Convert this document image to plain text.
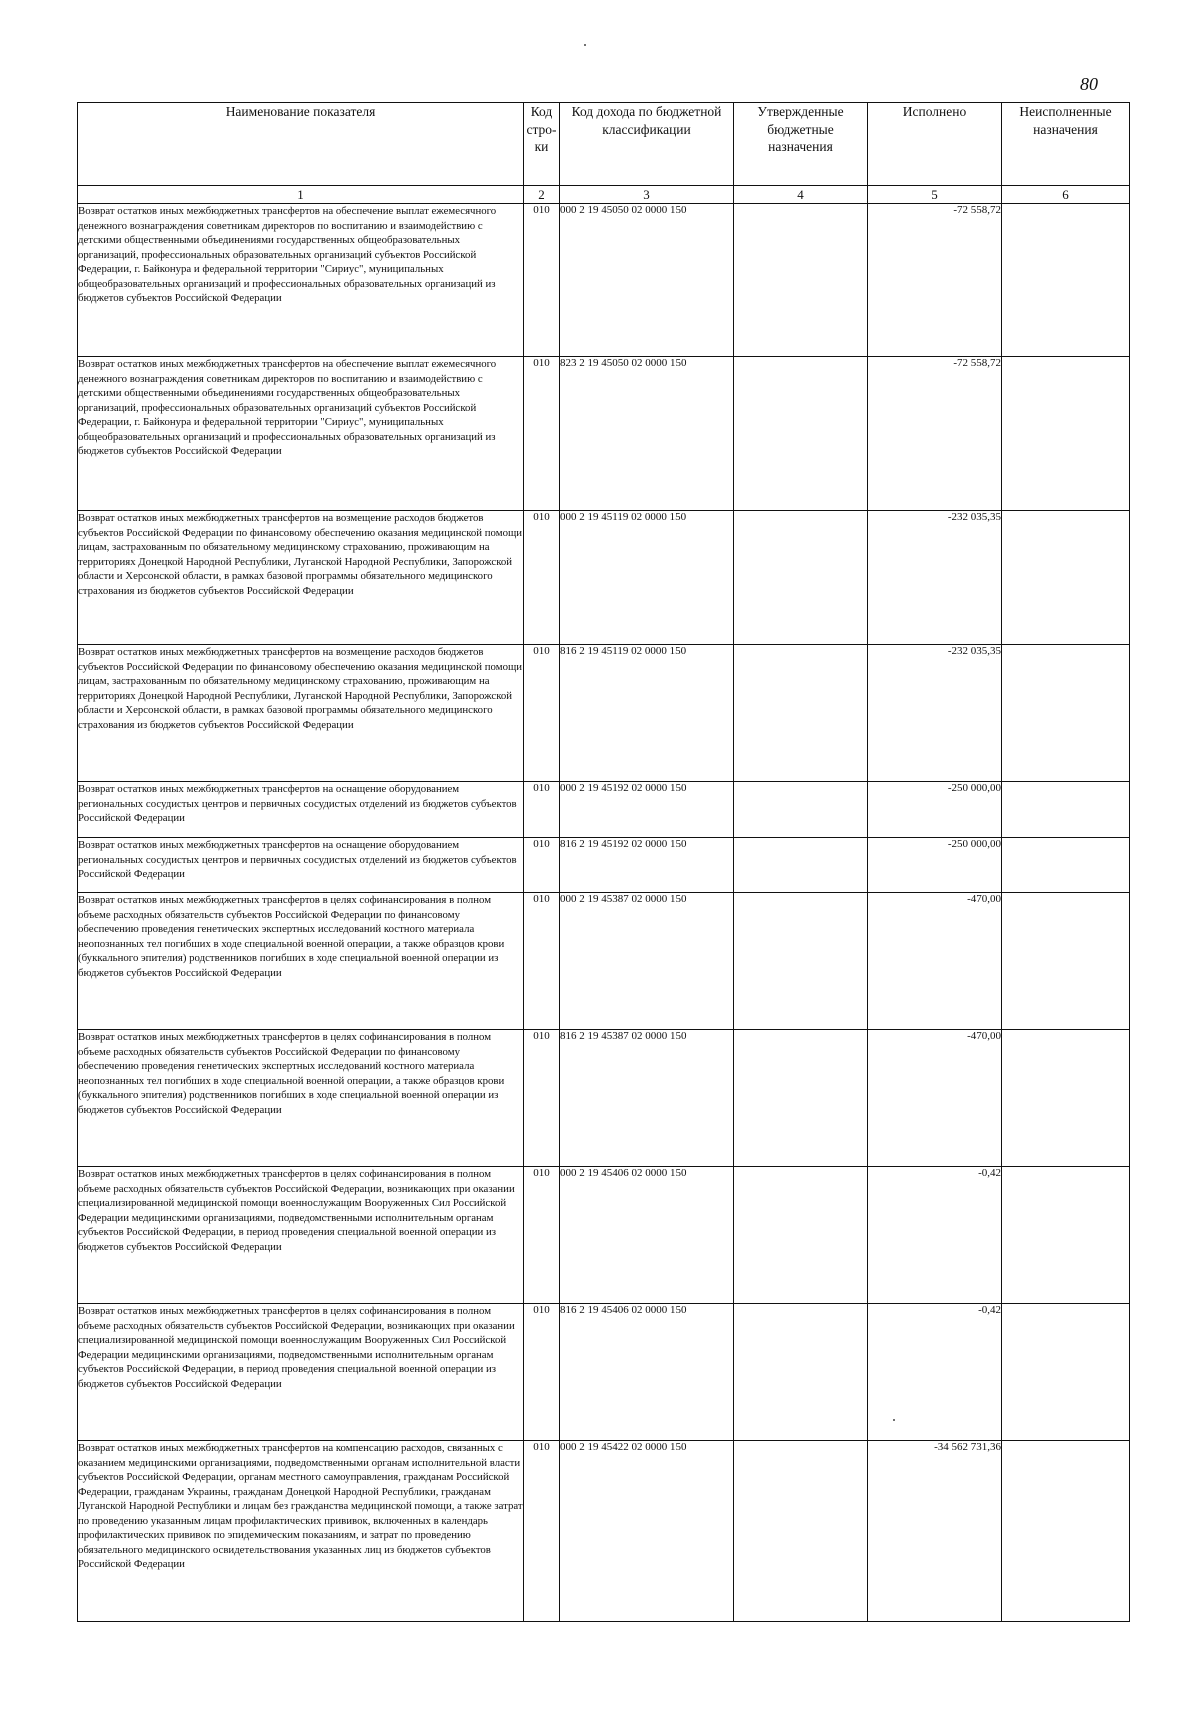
80
Наименование показателя	Код стро-ки	Код дохода по бюджетной классификации	Утвержденные бюджетные назначения	Исполнено	Неисполненные назначения
1	2	3	4	5	6
Возврат остатков иных межбюджетных трансфертов на обеспечение выплат ежемесячного денежного вознаграждения советникам директоров по воспитанию и взаимодействию с детскими общественными объединениями государственных общеобразовательных организаций, профессиональных образовательных организаций субъектов Российской Федерации, г. Байконура и федеральной территории "Сириус", муниципальных общеобразовательных организаций и профессиональных образовательных организаций из бюджетов субъектов Российской Федерации	010	000 2 19 45050 02 0000 150		-72 558,72	
Возврат остатков иных межбюджетных трансфертов на обеспечение выплат ежемесячного денежного вознаграждения советникам директоров по воспитанию и взаимодействию с детскими общественными объединениями государственных общеобразовательных организаций, профессиональных образовательных организаций субъектов Российской Федерации, г. Байконура и федеральной территории "Сириус", муниципальных общеобразовательных организаций и профессиональных образовательных организаций из бюджетов субъектов Российской Федерации	010	823 2 19 45050 02 0000 150		-72 558,72	
Возврат остатков иных межбюджетных трансфертов на возмещение расходов бюджетов субъектов Российской Федерации по финансовому обеспечению оказания медицинской помощи лицам, застрахованным по обязательному медицинскому страхованию, проживающим на территориях Донецкой Народной Республики, Луганской Народной Республики, Запорожской области и Херсонской области, в рамках базовой программы обязательного медицинского страхования из бюджетов субъектов Российской Федерации	010	000 2 19 45119 02 0000 150		-232 035,35	
Возврат остатков иных межбюджетных трансфертов на возмещение расходов бюджетов субъектов Российской Федерации по финансовому обеспечению оказания медицинской помощи лицам, застрахованным по обязательному медицинскому страхованию, проживающим на территориях Донецкой Народной Республики, Луганской Народной Республики, Запорожской области и Херсонской области, в рамках базовой программы обязательного медицинского страхования из бюджетов субъектов Российской Федерации	010	816 2 19 45119 02 0000 150		-232 035,35	
Возврат остатков иных межбюджетных трансфертов на оснащение оборудованием региональных сосудистых центров и первичных сосудистых отделений из бюджетов субъектов Российской Федерации	010	000 2 19 45192 02 0000 150		-250 000,00	
Возврат остатков иных межбюджетных трансфертов на оснащение оборудованием региональных сосудистых центров и первичных сосудистых отделений из бюджетов субъектов Российской Федерации	010	816 2 19 45192 02 0000 150		-250 000,00	
Возврат остатков иных межбюджетных трансфертов в целях софинансирования в полном объеме расходных обязательств субъектов Российской Федерации по финансовому обеспечению проведения генетических экспертных исследований костного материала неопознанных тел погибших в ходе специальной военной операции, а также образцов крови (буккального эпителия) родственников погибших в ходе специальной военной операции из бюджетов субъектов Российской Федерации	010	000 2 19 45387 02 0000 150		-470,00	
Возврат остатков иных межбюджетных трансфертов в целях софинансирования в полном объеме расходных обязательств субъектов Российской Федерации по финансовому обеспечению проведения генетических экспертных исследований костного материала неопознанных тел погибших в ходе специальной военной операции, а также образцов крови (буккального эпителия) родственников погибших в ходе специальной военной операции из бюджетов субъектов Российской Федерации	010	816 2 19 45387 02 0000 150		-470,00	
Возврат остатков иных межбюджетных трансфертов в целях софинансирования в полном объеме расходных обязательств субъектов Российской Федерации, возникающих при оказании специализированной медицинской помощи военнослужащим Вооруженных Сил Российской Федерации медицинскими организациями, подведомственными исполнительным органам субъектов Российской Федерации, в период проведения специальной военной операции из бюджетов субъектов Российской Федерации	010	000 2 19 45406 02 0000 150		-0,42	
Возврат остатков иных межбюджетных трансфертов в целях софинансирования в полном объеме расходных обязательств субъектов Российской Федерации, возникающих при оказании специализированной медицинской помощи военнослужащим Вооруженных Сил Российской Федерации медицинскими организациями, подведомственными исполнительным органам субъектов Российской Федерации, в период проведения специальной военной операции из бюджетов субъектов Российской Федерации	010	816 2 19 45406 02 0000 150		-0,42	
Возврат остатков иных межбюджетных трансфертов на компенсацию расходов, связанных с оказанием медицинскими организациями, подведомственными органам исполнительной власти субъектов Российской Федерации, органам местного самоуправления, гражданам Российской Федерации, гражданам Украины, гражданам Донецкой Народной Республики, гражданам Луганской Народной Республики и лицам без гражданства медицинской помощи, а также затрат по проведению указанным лицам профилактических прививок, включенных в календарь профилактических прививок по эпидемическим показаниям, и затрат по проведению обязательного медицинского освидетельствования указанных лиц из бюджетов субъектов Российской Федерации	010	000 2 19 45422 02 0000 150		-34 562 731,36	
